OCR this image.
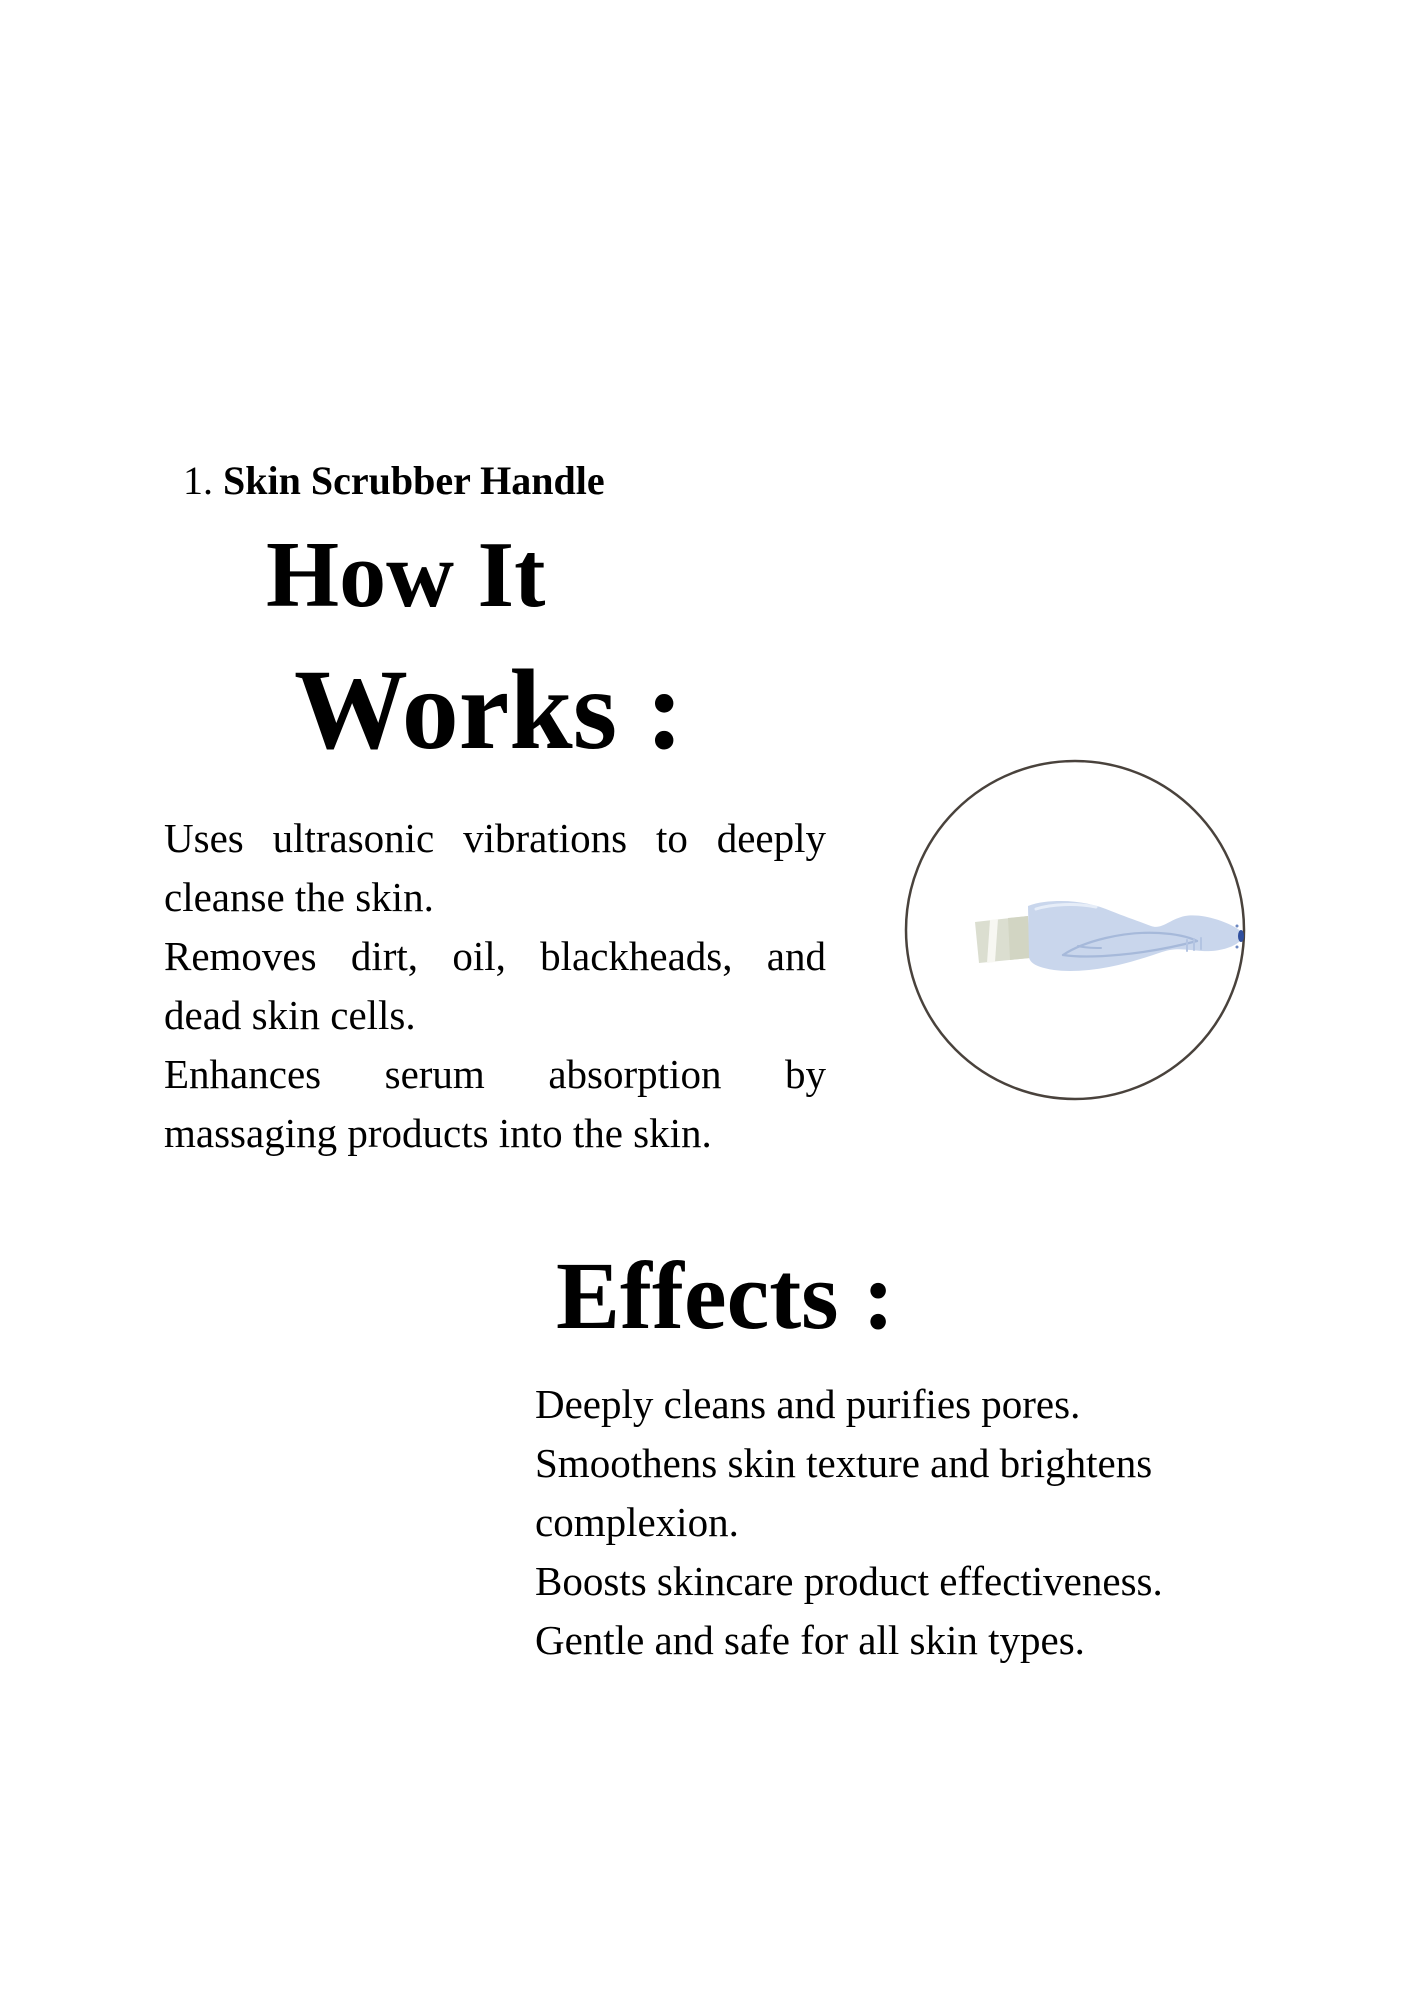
1. Skin Scrubber Handle
How It
Works :
Uses ultrasonic vibrations to deeply
cleanse the skin.
Removes dirt, oil, blackheads, and
dead skin cells.
Enhances serum absorption by
massaging products into the skin.
Effects :
Deeply cleans and purifies pores.
Smoothens skin texture and brightens
complexion.
Boosts skincare product effectiveness.
Gentle and safe for all skin types.
